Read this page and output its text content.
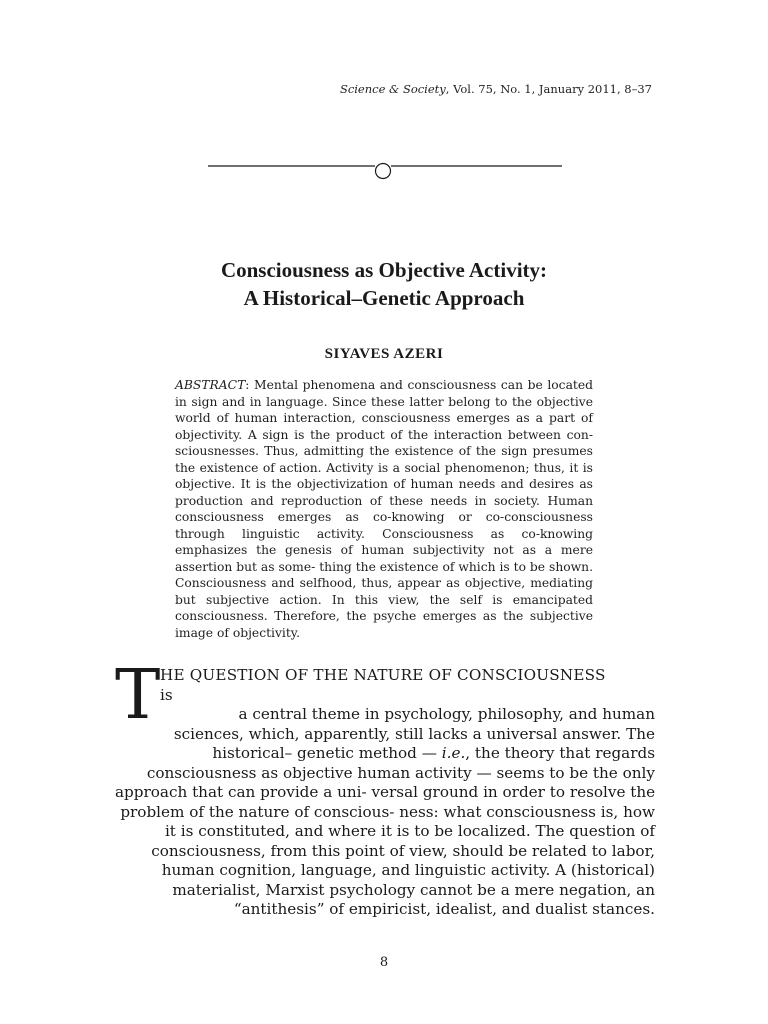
Science & Society, Vol. 75, No. 1, January 2011, 8–37
Consciousness as Objective Activity:
A Historical–Genetic Approach
SIYAVES AZERI
ABSTRACT: Mental phenomena and consciousness can be located in sign and in language. Since these latter belong to the objective world of human interaction, consciousness emerges as a part of objectivity. A sign is the product of the interaction between con- sciousnesses. Thus, admitting the existence of the sign presumes the existence of action. Activity is a social phenomenon; thus, it is objective. It is the objectivization of human needs and desires as production and reproduction of these needs in society. Human consciousness emerges as co-knowing or co-consciousness through linguistic activity. Consciousness as co-knowing emphasizes the genesis of human subjectivity not as a mere assertion but as some- thing the existence of which is to be shown. Consciousness and selfhood, thus, appear as objective, mediating but subjective action. In this view, the self is emancipated consciousness. Therefore, the psyche emerges as the subjective image of objectivity.
T HE QUESTION OF THE NATURE OF CONSCIOUSNESS
is
a central theme in psychology, philosophy, and human
sciences, which, apparently, still lacks a universal answer. The
historical– genetic method — i.e., the theory that regards
consciousness as objective human activity — seems to be the only
approach that can provide a uni- versal ground in order to resolve the
problem of the nature of conscious- ness: what consciousness is, how
it is constituted, and where it is to be localized. The question of
consciousness, from this point of view, should be related to labor,
human cognition, language, and linguistic activity. A (historical)
materialist, Marxist psychology cannot be a mere negation, an
“antithesis” of empiricist, idealist, and dualist stances.
8
